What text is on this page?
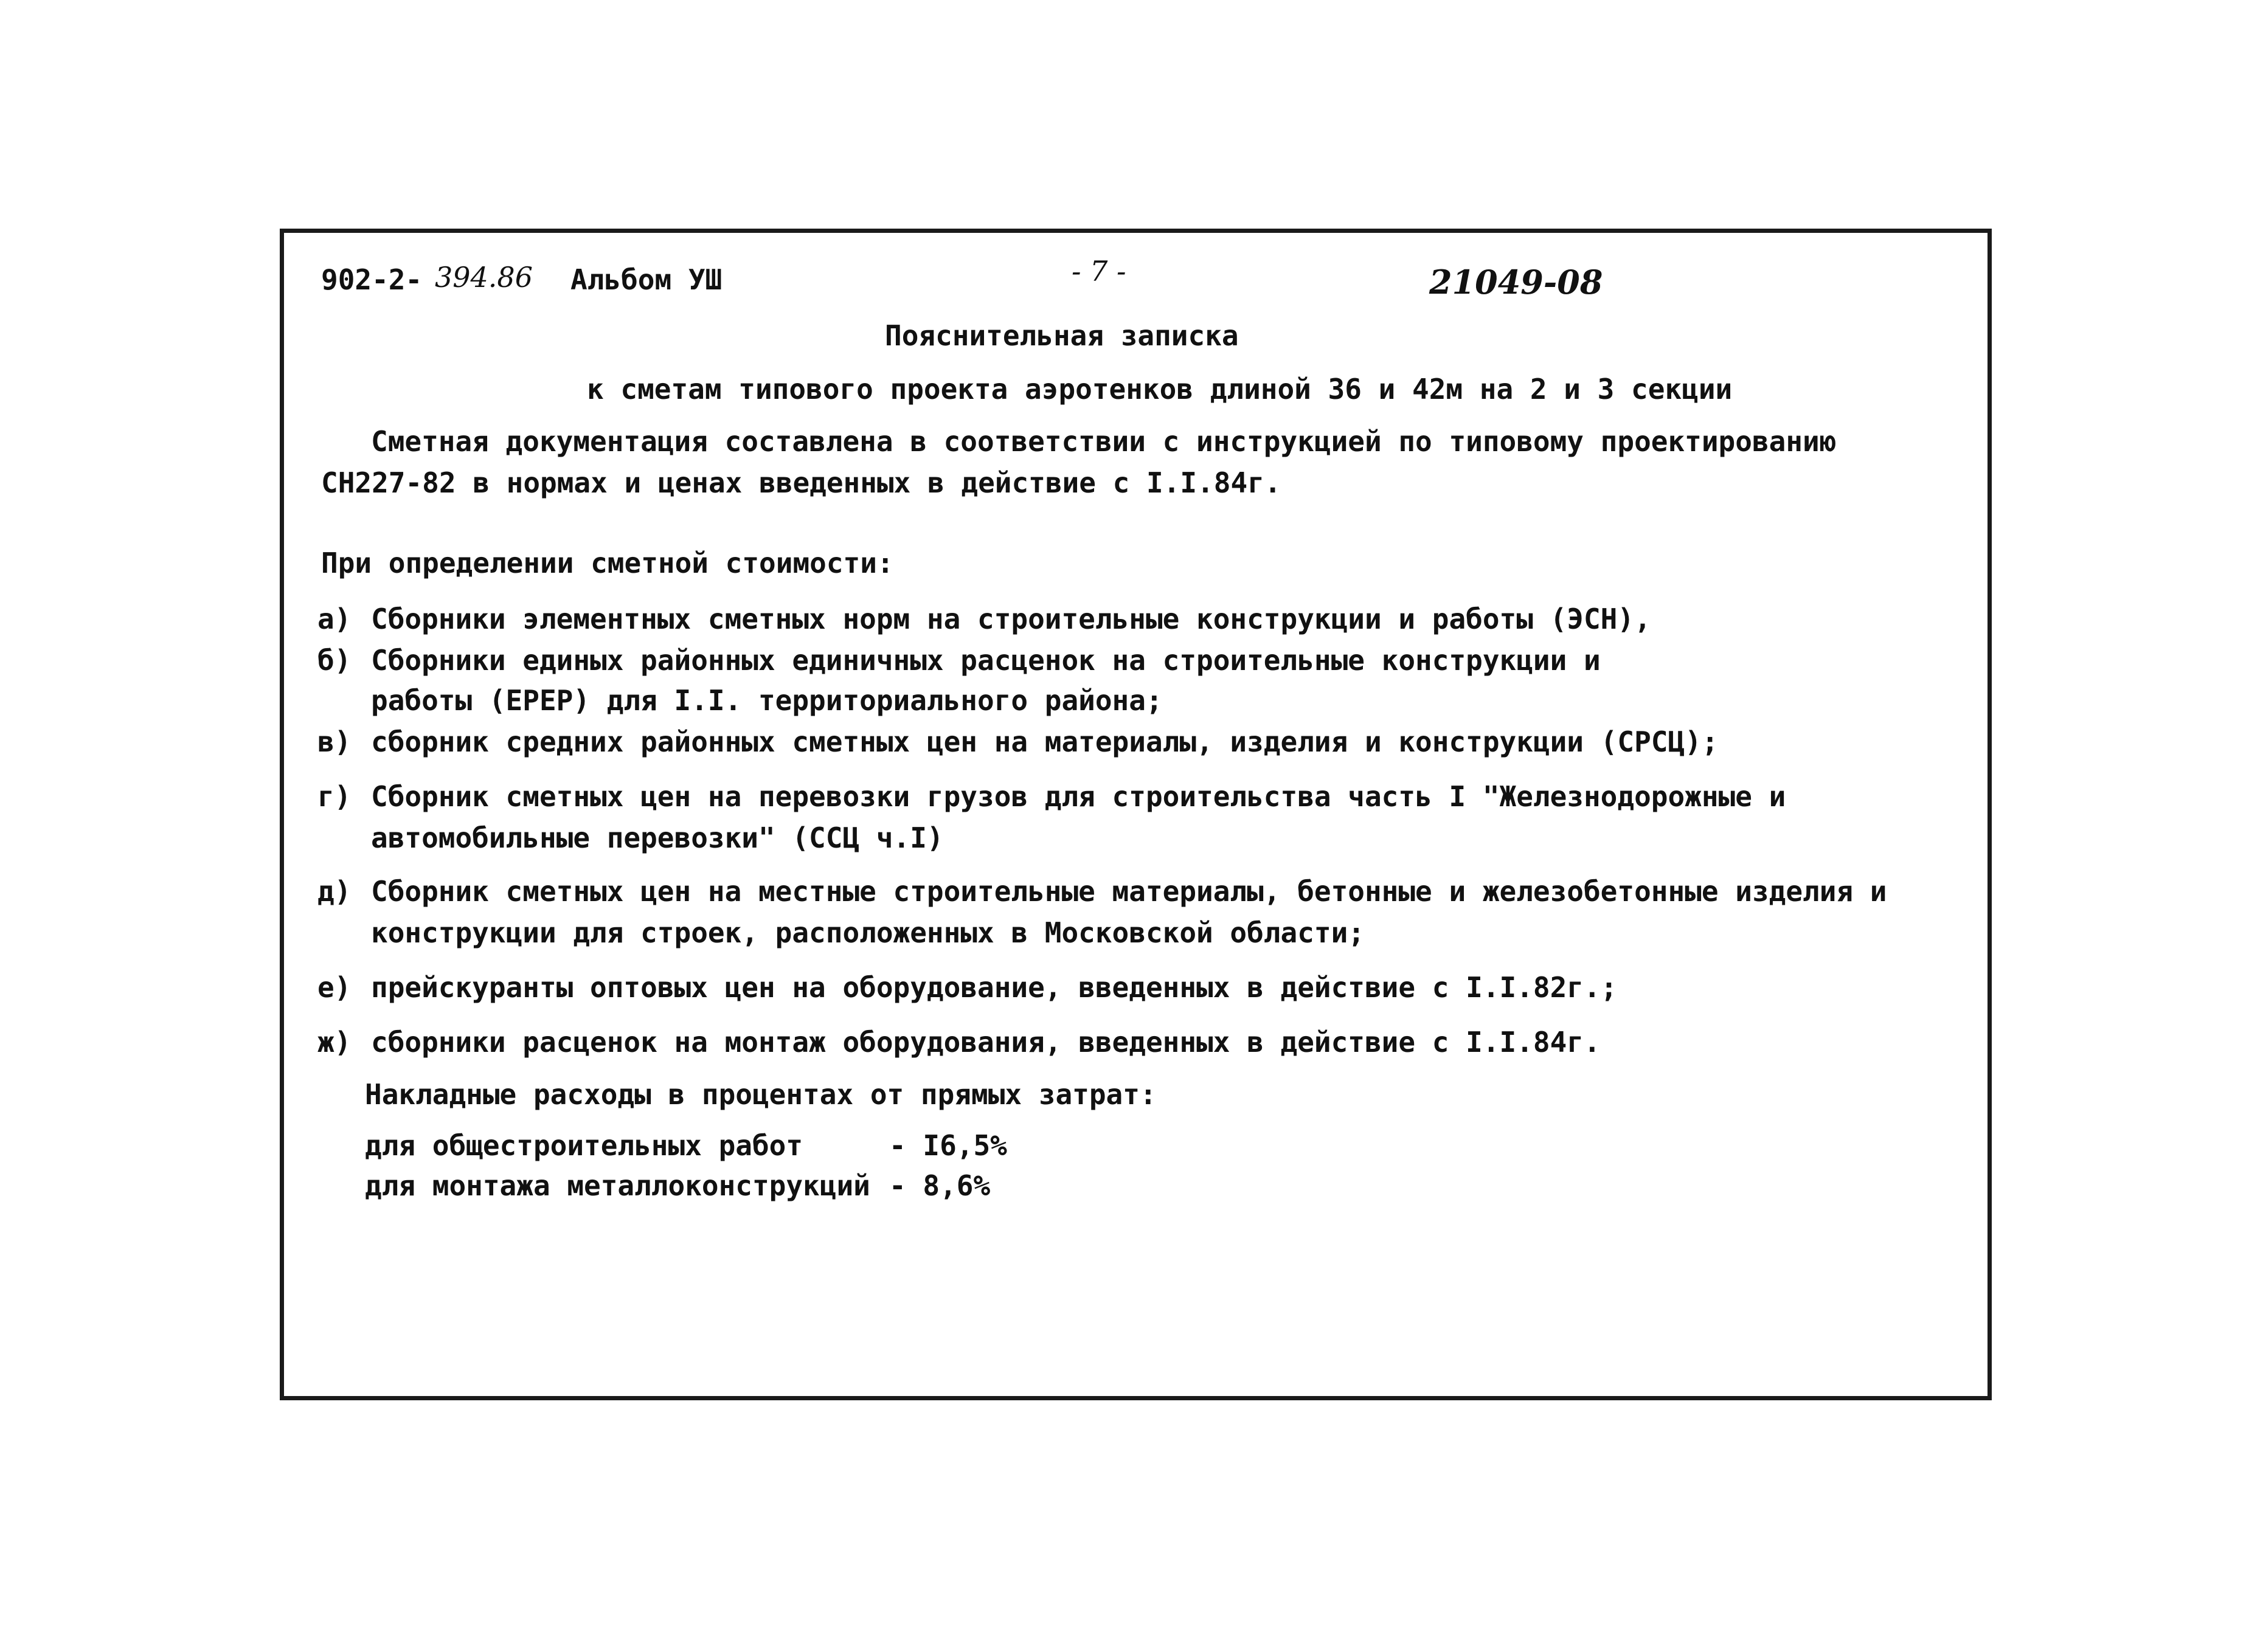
902-2- 394.86 Альбом УШ	- 7 -	21049-08
Пояснительная записка
к сметам типового проекта аэротенков длиной 36 и 42м на 2 и 3 секции
Сметная документация составлена в соответствии с инструкцией по типовому проектированию
СН227-82 в нормах и ценах введенных в действие с I.I.84г.
При определении сметной стоимости:
а) Сборники элементных сметных норм на строительные конструкции и работы (ЭСН),
б) Сборники единых районных единичных расценок на строительные конструкции и
работы (ЕРЕР) для I.I. территориального района;
в) сборник средних районных сметных цен на материалы, изделия и конструкции (СРСЦ);
г) Сборник сметных цен на перевозки грузов для строительства часть I "Железнодорожные и
автомобильные перевозки" (ССЦ ч.I)
д) Сборник сметных цен на местные строительные материалы, бетонные и железобетонные изделия и
конструкции для строек, расположенных в Московской области;
е) прейскуранты оптовых цен на оборудование, введенных в действие с I.I.82г.;
ж) сборники расценок на монтаж оборудования, введенных в действие с I.I.84г.
Накладные расходы в процентах от прямых затрат:
для общестроительных работ	- I6,5%
для монтажа металлоконструкций - 8,6%
